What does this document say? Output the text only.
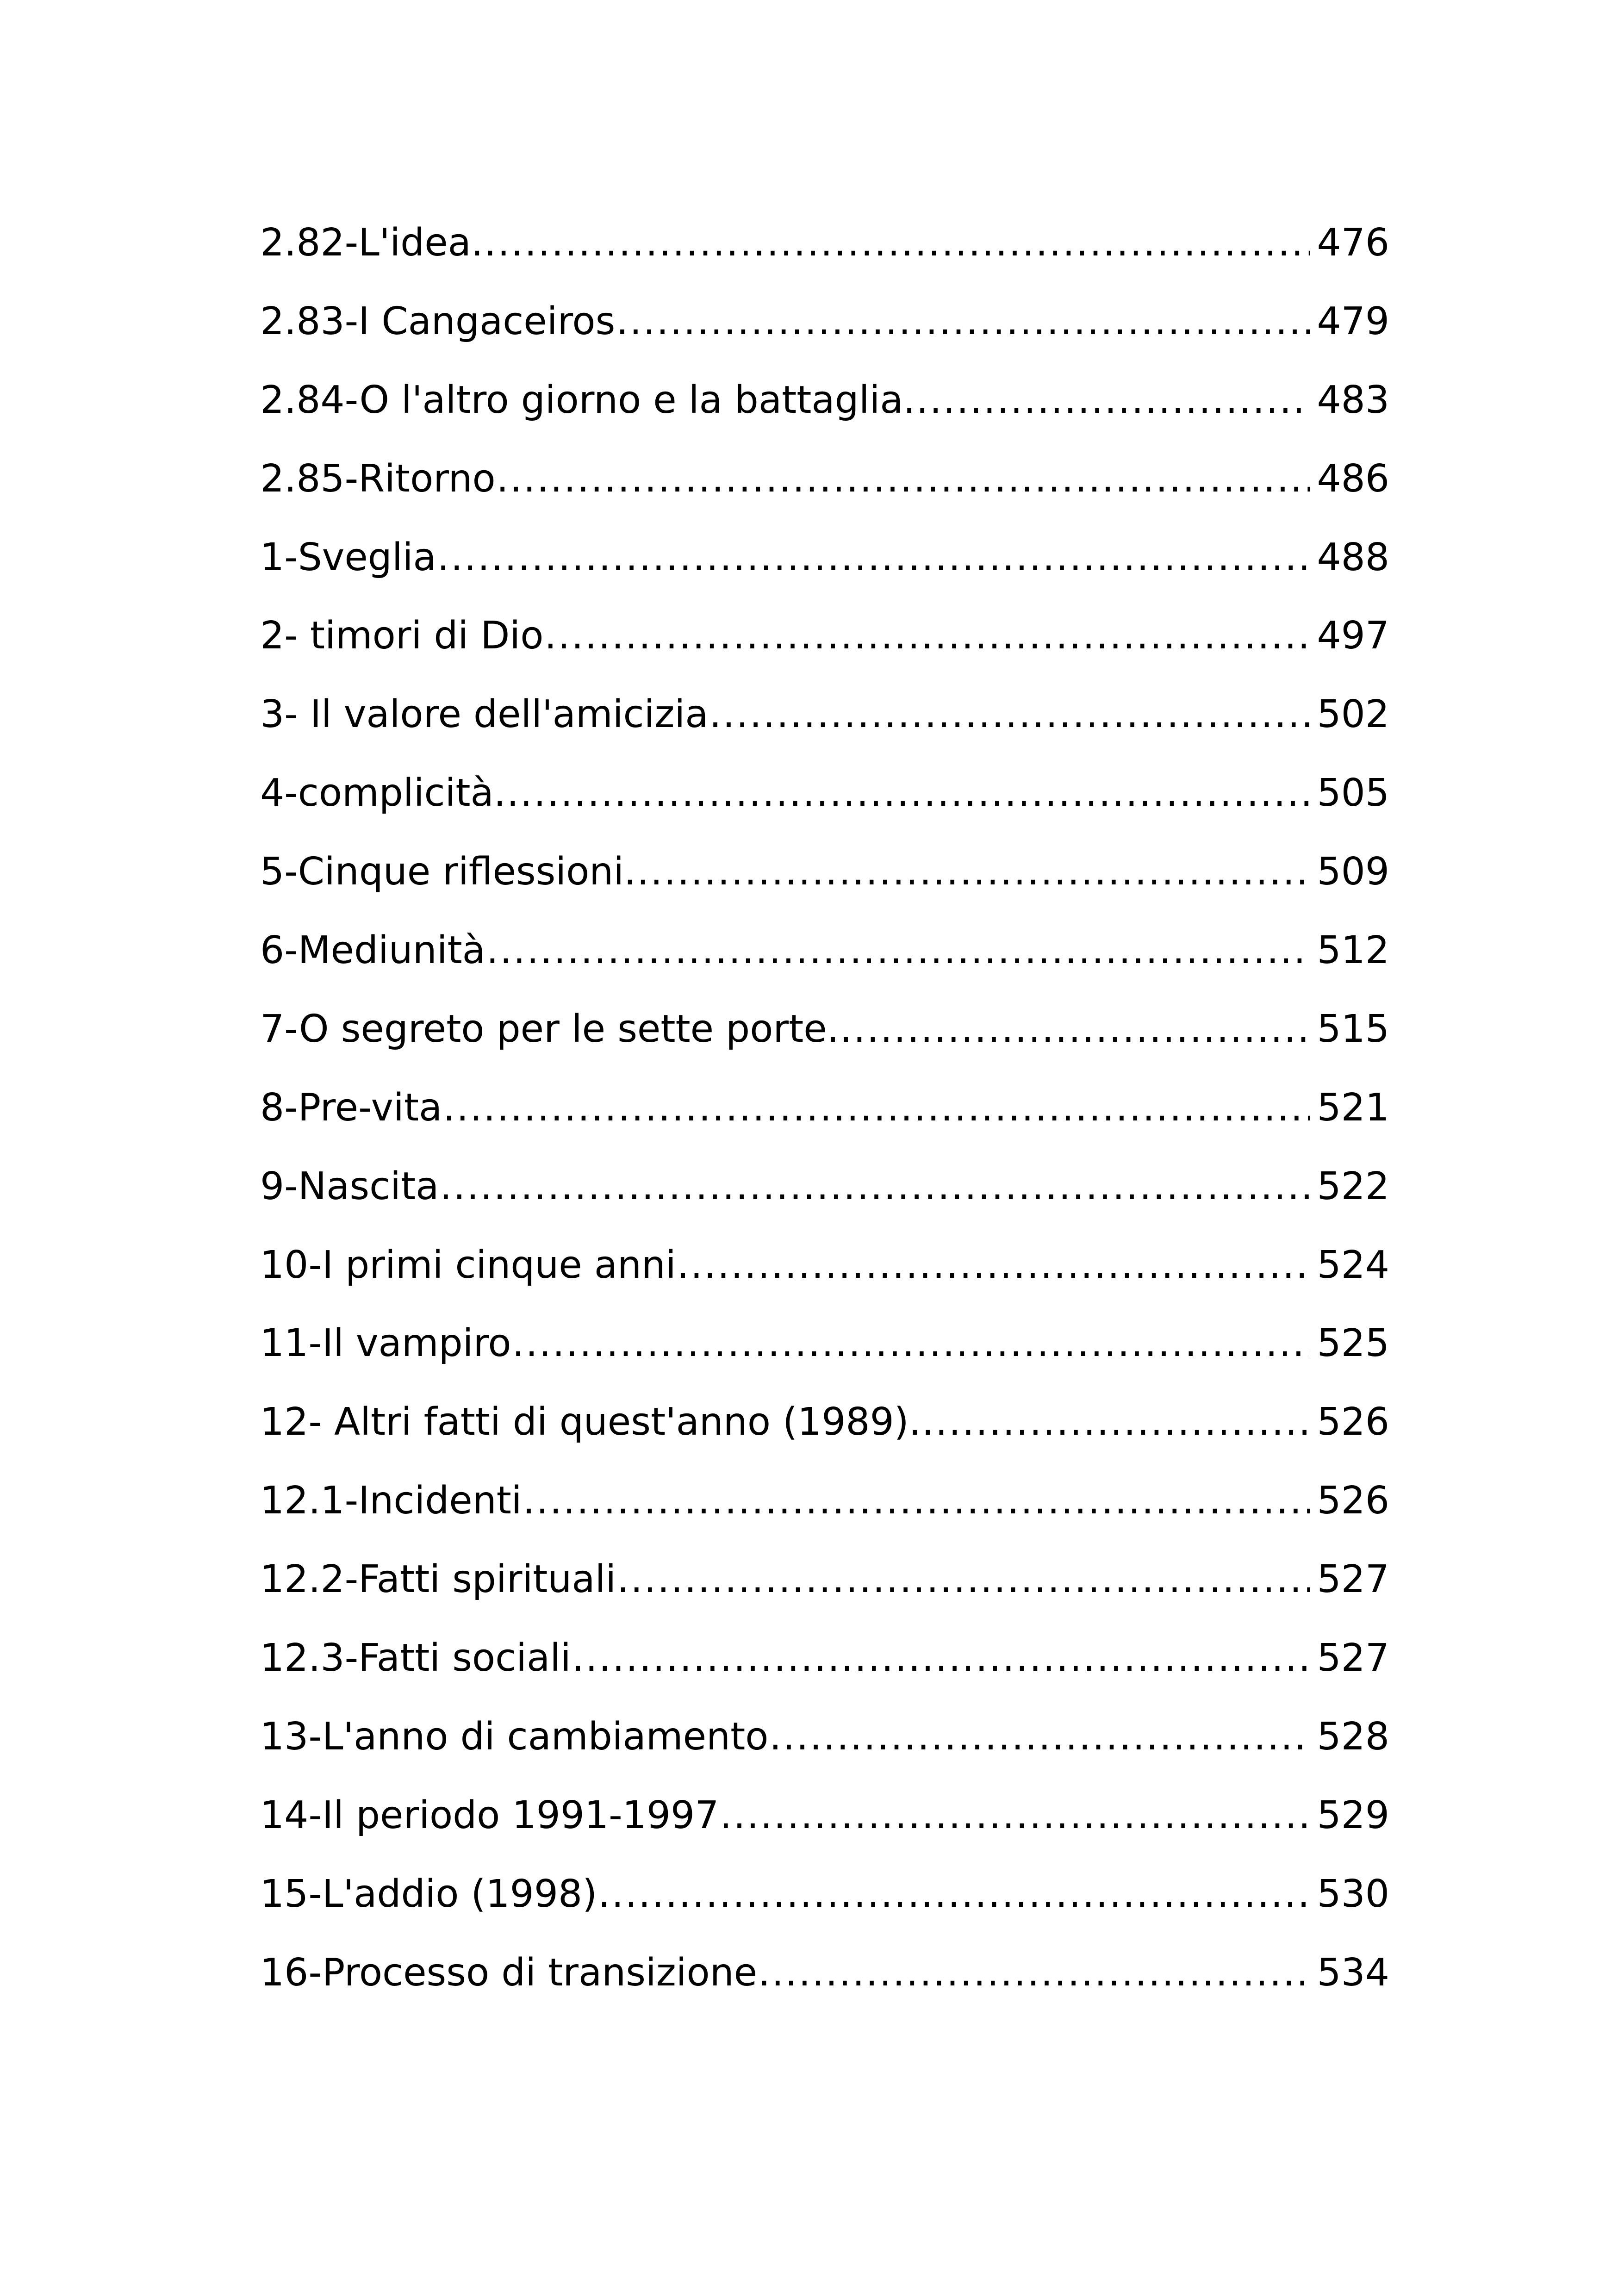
2.82-L'idea. .....	476
2.83-I Cangaceiros .....	479
2.84-O l'altro giorno e la battaglia. .....	483
2.85-Ritorno .....	486
1-Sveglia .....	488
2- timori di Dio .....	497
3- Il valore dell'amicizia .....	502
4-complicità. .....	505
5-Cinque riflessioni. .....	509
6-Mediunità .....	512
7-O segreto per le sette porte. .....	515
8-Pre-vita .....	521
9-Nascita .....	522
10-I primi cinque anni .....	524
11-Il vampiro .....	525
12- Altri fatti di quest'anno (1989). .....	526
12.1-Incidenti .....	526
12.2-Fatti spirituali .....	527
12.3-Fatti sociali .....	527
13-L'anno di cambiamento .....	528
14-Il periodo 1991-1997 .....	529
15-L'addio (1998) .....	530
16-Processo di transizione .....	534
